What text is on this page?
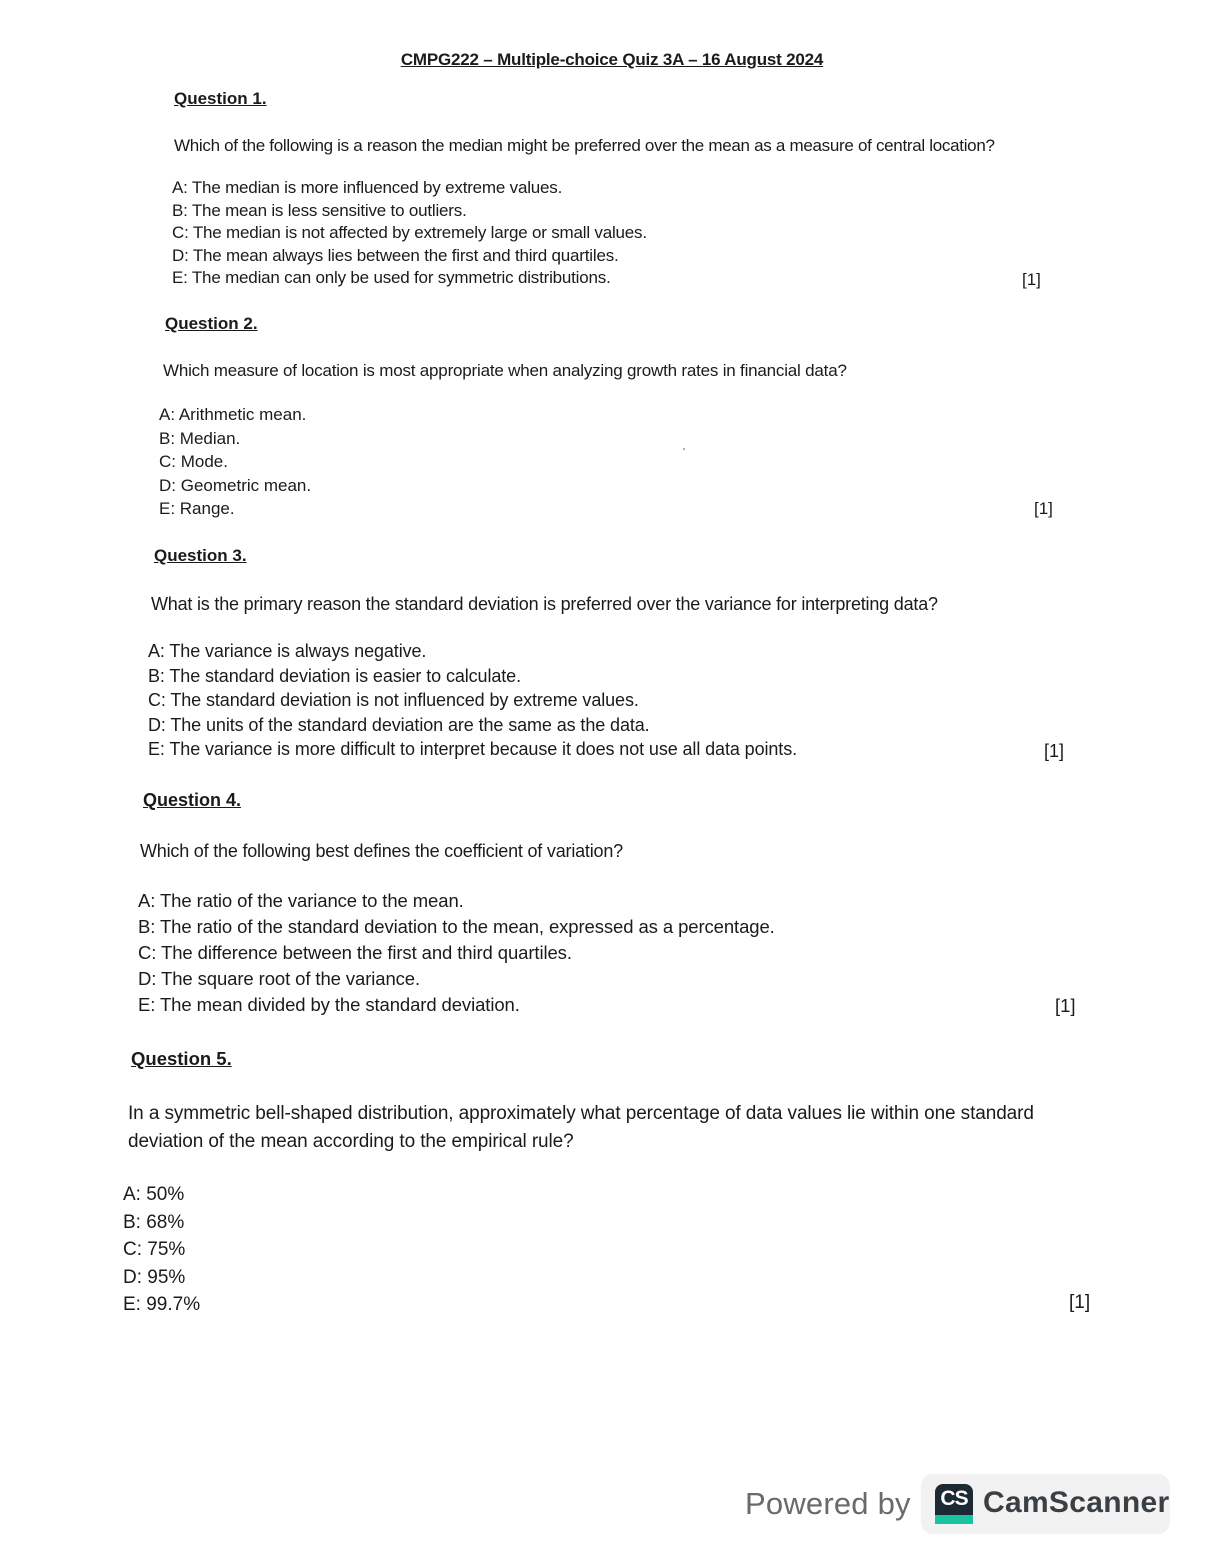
CMPG222 – Multiple-choice Quiz 3A – 16 August 2024

Question 1.

Which of the following is a reason the median might be preferred over the mean as a measure of central location?

A: The median is more influenced by extreme values.
B: The mean is less sensitive to outliers.
C: The median is not affected by extremely large or small values.
D: The mean always lies between the first and third quartiles.
E: The median can only be used for symmetric distributions.	[1]

Question 2.

Which measure of location is most appropriate when analyzing growth rates in financial data?

A: Arithmetic mean.
B: Median.
C: Mode.
D: Geometric mean.
E: Range.	[1]

Question 3.

What is the primary reason the standard deviation is preferred over the variance for interpreting data?

A: The variance is always negative.
B: The standard deviation is easier to calculate.
C: The standard deviation is not influenced by extreme values.
D: The units of the standard deviation are the same as the data.
E: The variance is more difficult to interpret because it does not use all data points.	[1]

Question 4.

Which of the following best defines the coefficient of variation?

A: The ratio of the variance to the mean.
B: The ratio of the standard deviation to the mean, expressed as a percentage.
C: The difference between the first and third quartiles.
D: The square root of the variance.
E: The mean divided by the standard deviation.	[1]

Question 5.

In a symmetric bell-shaped distribution, approximately what percentage of data values lie within one standard

deviation of the mean according to the empirical rule?

A: 50%
B: 68%
C: 75%
D: 95%
E: 99.7%	[1]
Powered by CS CamScanner
